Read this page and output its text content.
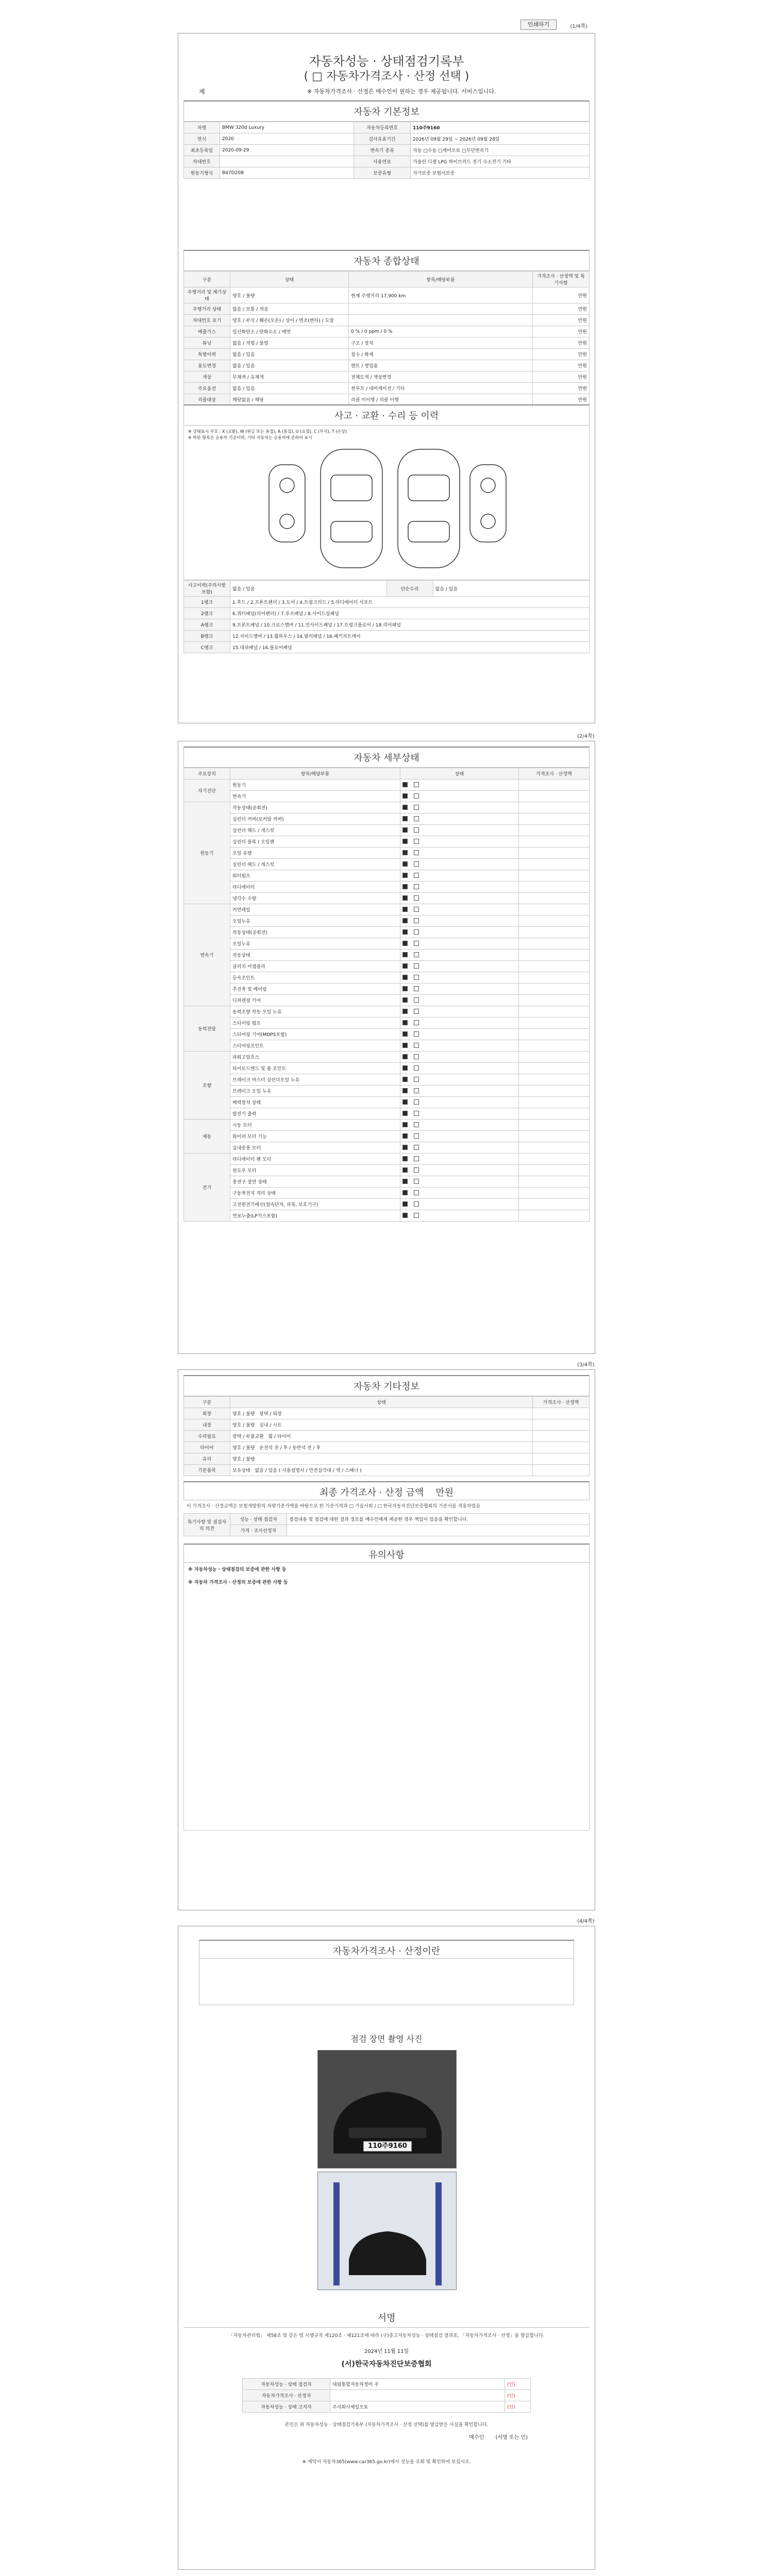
인쇄하기	(1/4쪽)
자동차성능 · 상태점검기록부
( □ 자동차가격조사 · 산정 선택 )
제	※ 자동차가격조사 · 산정은 매수인이 원하는 경우 제공됩니다. 서비스입니다.
자동차 기본정보
차명	BMW 320d Luxury	자동차등록번호	110주9160
연식	2020	검사유효기간	2026년 09월 29일 ~ 2026년 09월 28일
최초등록일	2020-09-29	변속기 종류	자동 □수동 □세미오토 □무단변속기
차대번호		사용연료	가솔린 디젤 LPG 하이브리드 전기 수소전기 기타
원동기형식	B47D20B	보증유형	자가보증 보험사보증
자동차 종합상태
구분	상태	항목/해당부품	가격조사 · 산정액 및 특기사항
주행거리 및 계기상태	양호 / 불량	현재 주행거리 17,900 km	만원
주행거리 상태	많음 / 보통 / 적음		만원
차대번호 표기	양호 / 부식 / 훼손(오손) / 상이 / 변조(변타) / 도말		만원
배출가스	일산화탄소 / 탄화수소 / 매연	0 % / 0 ppm / 0 %	만원
튜닝	없음 / 적법 / 불법	구조 / 장치	만원
특별이력	없음 / 있음	침수 / 화재	만원
용도변경	없음 / 있음	렌트 / 영업용	만원
색상	무채색 / 유채색	전체도색 / 색상변경	만원
주요옵션	없음 / 있음	썬루프 / 네비게이션 / 기타	만원
리콜대상	해당없음 / 해당	리콜 미이행 / 리콜 이행	만원
사고 · 교환 · 수리 등 이력
※ 상태표시 부호 : X (교환), W (판금 또는 용접), A (흠집), U (요철), C (부식), T (손상)
※ 하단 항목은 승용차 기준이며, 기타 자동차는 승용차에 준하여 표시
사고이력(주의사항 포함)	없음 / 있음	단순수리	없음 / 있음
1랭크	1.후드 / 2.프론트펜더 / 3.도어 / 4.트렁크리드 / 5.라디에이터 서포트		
2랭크	6.쿼터패널(리어펜더) / 7.루프패널 / 8.사이드실패널		
A랭크	9.프론트패널 / 10.크로스멤버 / 11.인사이드패널 / 17.트렁크플로어 / 18.리어패널		
B랭크	12.사이드멤버 / 13.휠하우스 / 14.필러패널 / 16.패키지트레이		
C랭크	15.대쉬패널 / 16.플로어패널		
(2/4쪽)
자동차 세부상태
주요장치	항목/해당부품	상태	가격조사 · 산정액
자기진단	원동기		
	변속기		
원동기	작동상태(공회전)		
	실린더 커버(로커암 커버)		
	실린더 헤드 / 개스킷		
	실린더 블록 / 오일팬		
	오일 유량		
	실린더 헤드 / 개스킷		
	워터펌프		
	라디에이터		
	냉각수 수량		
변속기	커먼레일		
	오일누유		
	작동상태(공회전)		
	오일누유		
	작동상태		
	클러치 어셈블리		
	등속조인트		
	추진축 및 베어링		
	디퍼렌셜 기어		
동력전달	동력조향 작동 오일 누유		
	스티어링 펌프		
	스티어링 기어(MDPS포함)		
	스티어링조인트		
조향	파워고압호스		
	타이로드엔드 및 볼 조인트		
	브레이크 마스터 실린더오일 누유		
	브레이크 오일 누유		
	배력장치 상태		
	발전기 출력		
제동	시동 모터		
	와이퍼 모터 기능		
	실내송풍 모터		
전기	라디에이터 팬 모터		
	윈도우 모터		
	충전구 절연 상태		
	구동축전지 격리 상태		
	고전원전기배선(접속단자, 피복, 보호기구)		
	연료누출(LP가스포함)		
(3/4쪽)
자동차 기타정보
구분	상태	가격조사 · 산정액
외장	양호 / 불량 광택 / 외장	
내장	양호 / 불량 실내 / 시트	
수리필요	광택 / 부품교환 휠 / 타이어	
타이어	양호 / 불량 운전석 전 / 후 / 동반석 전 / 후	
유리	양호 / 불량	
기본품목	보유상태 없음 / 있음 ( 사용설명서 / 안전삼각대 / 잭 / 스패너 )	
최종 가격조사 · 산정 금액 만원
이 가격조사 · 산정금액은 보험개발원의 차량기준가액을 바탕으로 한 기준가격과 □ 기술사회 / □ 한국자동차진단보증협회의 기준서를 적용하였음
특기사항 및 점검자의 의견	성능 · 상태 점검자	점검내용 및 점검에 대한 결과 정보를 매수인에게 제공한 경우 책임이 있음을 확인합니다.
	가격 · 조사산정자	
유의사항
※ 자동차성능 · 상태점검의 보증에 관한 사항 등
※ 자동차 가격조사 · 산정의 보증에 관한 사항 등
(4/4쪽)
자동차가격조사 · 산정이란
점검 장면 촬영 사진
110주9160
서명
「자동차관리법」 제58조 및 같은 법 시행규칙 제120조 · 제121조에 따라 (구)중고자동차성능 · 상태점검 결과표, 「자동차가격조사 · 산정」을 발급합니다.
2024년 11월 11일
(서)한국자동차진단보증협회
자동차성능 · 상태 점검자	대림통합자동차정비 주	(인)
자동차가격조사 · 산정자		(인)
자동차성능 · 상태 고지자	주식회사제일오토	(인)
본인은 위 자동차성능 · 상태점검기록부 (자동차가격조사 · 산정 선택)를 발급받은 사실을 확인합니다.
매수인       (서명 또는 인)
※ 계약서 자동차365(www.car365.go.kr)에서 성능을 조회 및 확인하여 보십시오.
